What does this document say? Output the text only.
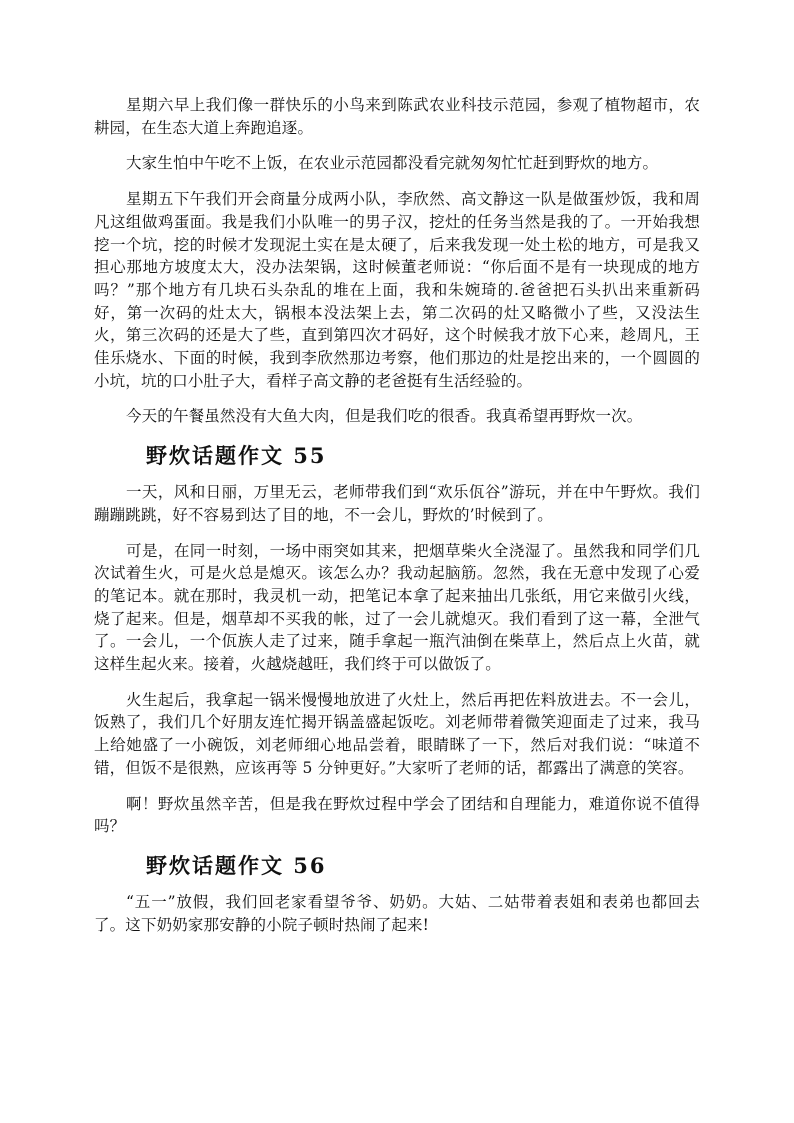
星期六早上我们像一群快乐的小鸟来到陈武农业科技示范园，参观了植物超市，农耕园，在生态大道上奔跑追逐。

大家生怕中午吃不上饭，在农业示范园都没看完就匆匆忙忙赶到野炊的地方。

星期五下午我们开会商量分成两小队，李欣然、高文静这一队是做蛋炒饭，我和周凡这组做鸡蛋面。我是我们小队唯一的男子汉，挖灶的任务当然是我的了。一开始我想挖一个坑，挖的时候才发现泥土实在是太硬了，后来我发现一处土松的地方，可是我又担心那地方坡度太大，没办法架锅，这时候董老师说：“你后面不是有一块现成的地方吗？”那个地方有几块石头杂乱的堆在上面，我和朱婉琦的.爸爸把石头扒出来重新码好，第一次码的灶太大，锅根本没法架上去，第二次码的灶又略微小了些，又没法生火，第三次码的还是大了些，直到第四次才码好，这个时候我才放下心来，趁周凡，王佳乐烧水、下面的时候，我到李欣然那边考察，他们那边的灶是挖出来的，一个圆圆的小坑，坑的口小肚子大，看样子高文静的老爸挺有生活经验的。

今天的午餐虽然没有大鱼大肉，但是我们吃的很香。我真希望再野炊一次。

野炊话题作文 55

一天，风和日丽，万里无云，老师带我们到“欢乐佤谷”游玩，并在中午野炊。我们蹦蹦跳跳，好不容易到达了目的地，不一会儿，野炊的’时候到了。

可是，在同一时刻，一场中雨突如其来，把烟草柴火全浇湿了。虽然我和同学们几次试着生火，可是火总是熄灭。该怎么办？我动起脑筋。忽然，我在无意中发现了心爱的笔记本。就在那时，我灵机一动，把笔记本拿了起来抽出几张纸，用它来做引火线，烧了起来。但是，烟草却不买我的帐，过了一会儿就熄灭。我们看到了这一幕，全泄气了。一会儿，一个佤族人走了过来，随手拿起一瓶汽油倒在柴草上，然后点上火苗，就这样生起火来。接着，火越烧越旺，我们终于可以做饭了。

火生起后，我拿起一锅米慢慢地放进了火灶上，然后再把佐料放进去。不一会儿，饭熟了，我们几个好朋友连忙揭开锅盖盛起饭吃。刘老师带着微笑迎面走了过来，我马上给她盛了一小碗饭，刘老师细心地品尝着，眼睛眯了一下，然后对我们说：“味道不错，但饭不是很熟，应该再等 5 分钟更好。”大家听了老师的话，都露出了满意的笑容。

啊！野炊虽然辛苦，但是我在野炊过程中学会了团结和自理能力，难道你说不值得吗？

野炊话题作文 56

“五一”放假，我们回老家看望爷爷、奶奶。大姑、二姑带着表姐和表弟也都回去了。这下奶奶家那安静的小院子顿时热闹了起来!
